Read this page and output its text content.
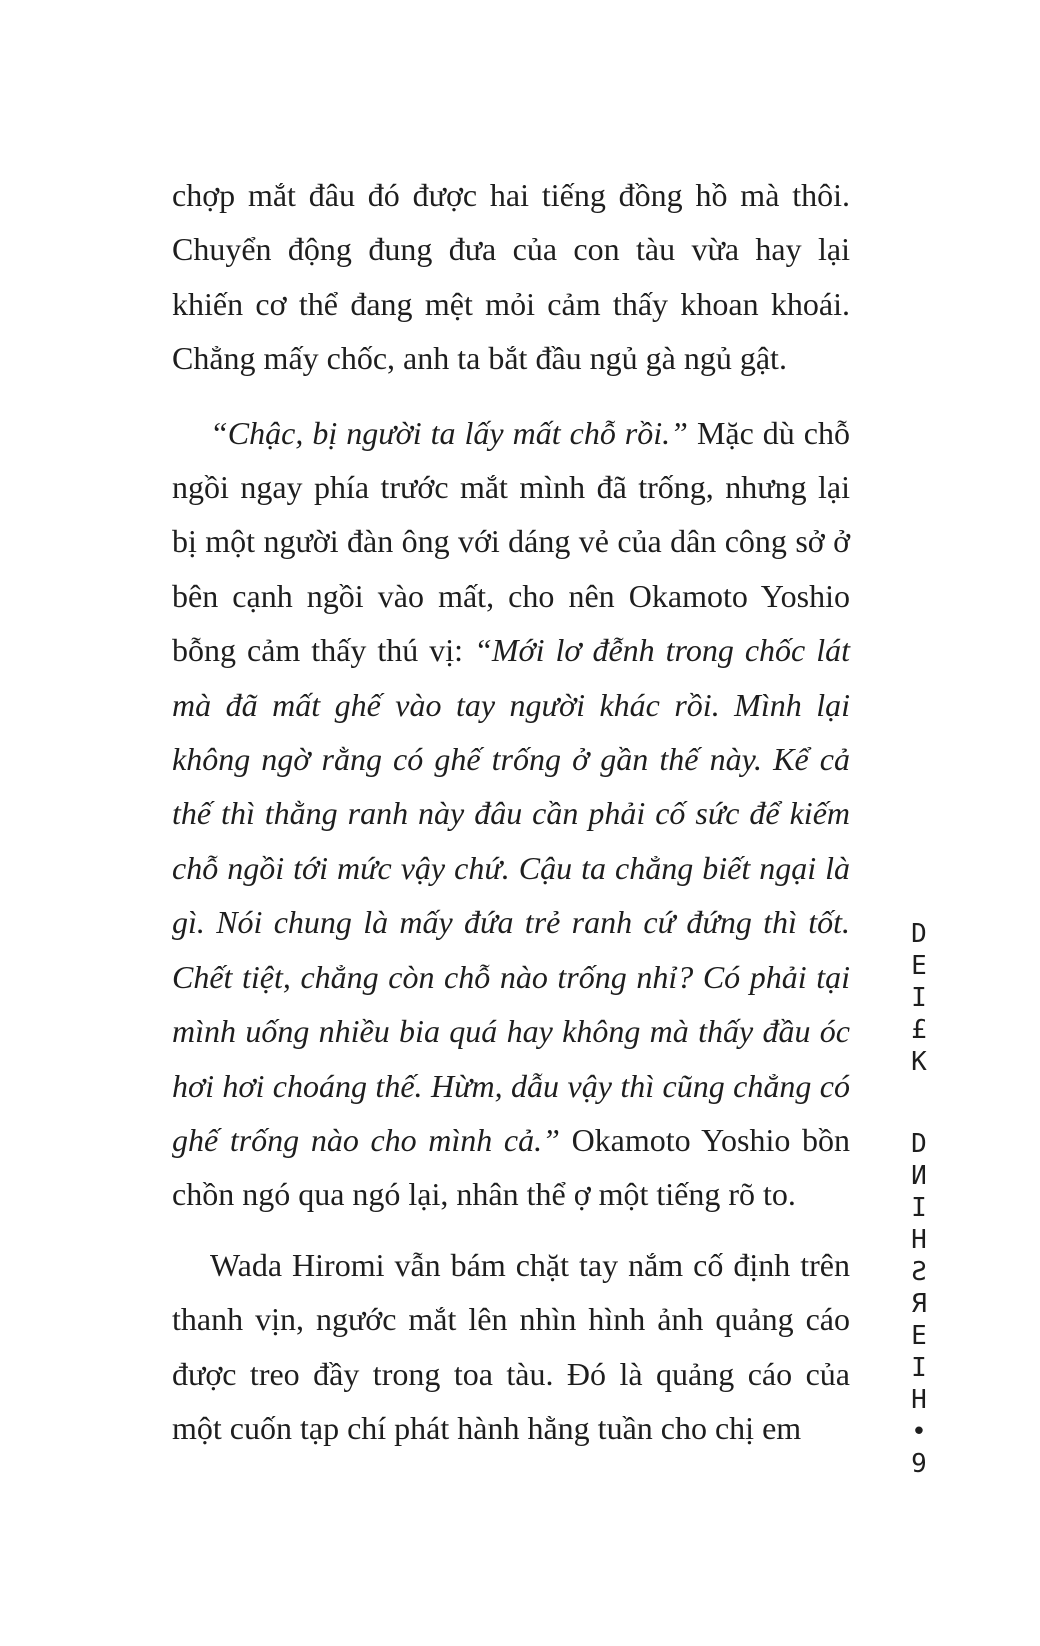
chợp mắt đâu đó được hai tiếng đồng hồ mà thôi. Chuyển động đung đưa của con tàu vừa hay lại khiến cơ thể đang mệt mỏi cảm thấy khoan khoái. Chẳng mấy chốc, anh ta bắt đầu ngủ gà ngủ gật.

“Chậc, bị người ta lấy mất chỗ rồi.” Mặc dù chỗ ngồi ngay phía trước mắt mình đã trống, nhưng lại bị một người đàn ông với dáng vẻ của dân công sở ở bên cạnh ngồi vào mất, cho nên Okamoto Yoshio bỗng cảm thấy thú vị: “Mới lơ đễnh trong chốc lát mà đã mất ghế vào tay người khác rồi. Mình lại không ngờ rằng có ghế trống ở gần thế này. Kể cả thế thì thằng ranh này đâu cần phải cố sức để kiếm chỗ ngồi tới mức vậy chứ. Cậu ta chẳng biết ngại là gì. Nói chung là mấy đứa trẻ ranh cứ đứng thì tốt. Chết tiệt, chẳng còn chỗ nào trống nhỉ? Có phải tại mình uống nhiều bia quá hay không mà thấy đầu óc hơi hơi choáng thế. Hừm, dẫu vậy thì cũng chẳng có ghế trống nào cho mình cả.” Okamoto Yoshio bồn chồn ngó qua ngó lại, nhân thể ợ một tiếng rõ to.

Wada Hiromi vẫn bám chặt tay nắm cố định trên thanh vịn, ngước mắt lên nhìn hình ảnh quảng cáo được treo đầy trong toa tàu. Đó là quảng cáo của một cuốn tạp chí phát hành hằng tuần cho chị em

D
E
I
£
K
D
И
I
H
Ƨ
Я
E
I
H
•
9
